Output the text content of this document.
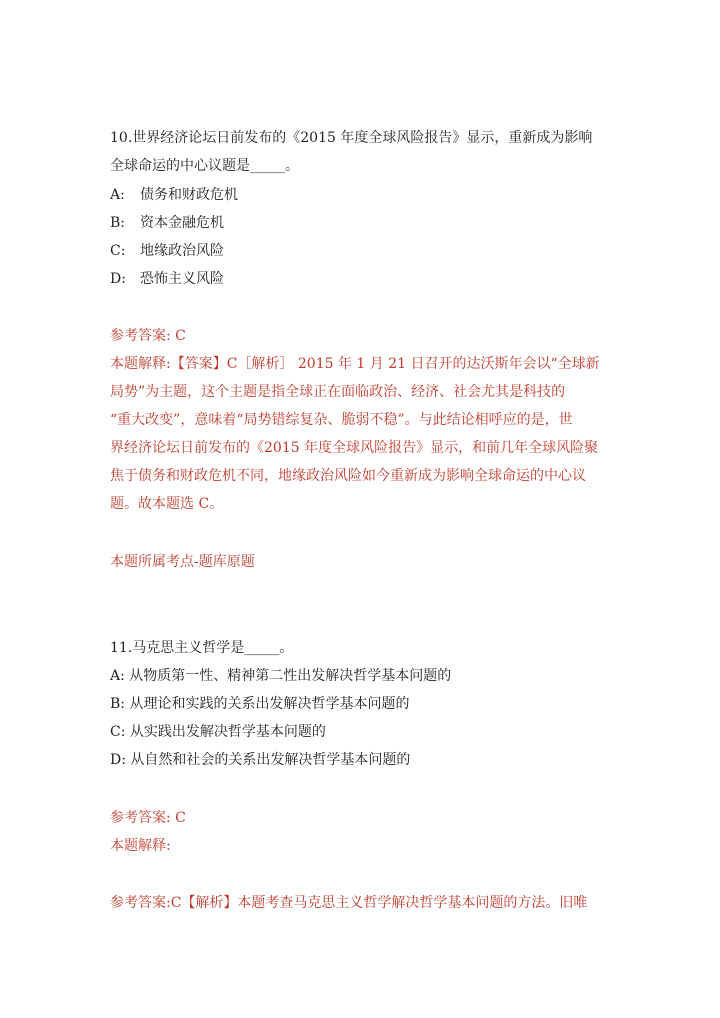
10.世界经济论坛日前发布的《2015 年度全球风险报告》显示，重新成为影响
全球命运的中心议题是_____。
A: 债务和财政危机
B: 资本金融危机
C: 地缘政治风险
D: 恐怖主义风险
参考答案: C
本题解释:【答案】C［解析］ 2015 年 1 月 21 日召开的达沃斯年会以“全球新
局势”为主题，这个主题是指全球正在面临政治、经济、社会尤其是科技的
“重大改变”，意味着“局势错综复杂、脆弱不稳”。与此结论相呼应的是，世
界经济论坛日前发布的《2015 年度全球风险报告》显示，和前几年全球风险聚
焦于债务和财政危机不同，地缘政治风险如今重新成为影响全球命运的中心议
题。故本题选 C。
本题所属考点-题库原题
11.马克思主义哲学是_____。
A: 从物质第一性、精神第二性出发解决哲学基本问题的
B: 从理论和实践的关系出发解决哲学基本问题的
C: 从实践出发解决哲学基本问题的
D: 从自然和社会的关系出发解决哲学基本问题的
参考答案: C
本题解释:
参考答案:C【解析】本题考查马克思主义哲学解决哲学基本问题的方法。旧唯
